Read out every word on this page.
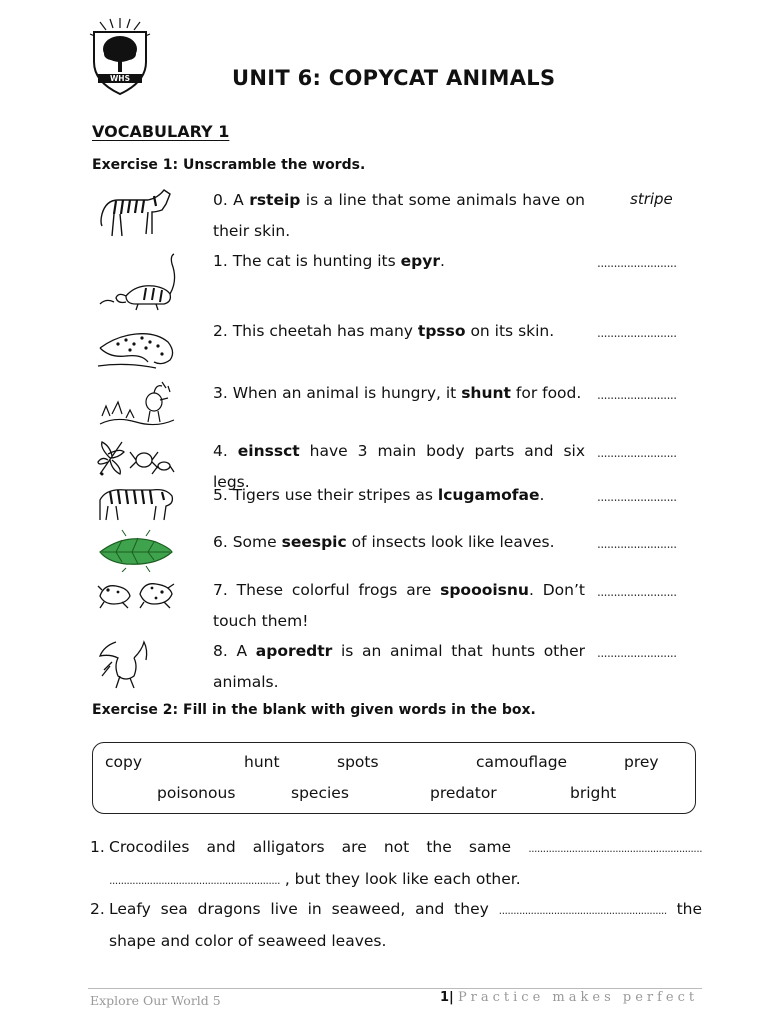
WHS	UNIT 6: COPYCAT ANIMALS
VOCABULARY 1
Exercise 1: Unscramble the words.
0. A rsteip is a line that some animals have on their skin.
stripe
1. The cat is hunting its epyr.	........................
2. This cheetah has many tpsso on its skin.	........................
3. When an animal is hungry, it shunt for food.	........................
4. einssct have 3 main body parts and six legs.
........................
5. Tigers use their stripes as lcugamofae.	........................
6. Some seespic of insects look like leaves.	........................
7. These colorful frogs are spoooisnu. Don’t touch them!
........................
8. A aporedtr is an animal that hunts other animals.
........................
Exercise 2: Fill in the blank with given words in the box.
copy	hunt	spots	camouflage	prey
poisonous	species	predator	bright
1. Crocodiles and alligators are not the same ............................................................ ........................................................... , but they look like each other.
2. Leafy sea dragons live in seaweed, and they .......................................................... the shape and color of seaweed leaves.
Explore Our World 5	1| Practice makes perfect
